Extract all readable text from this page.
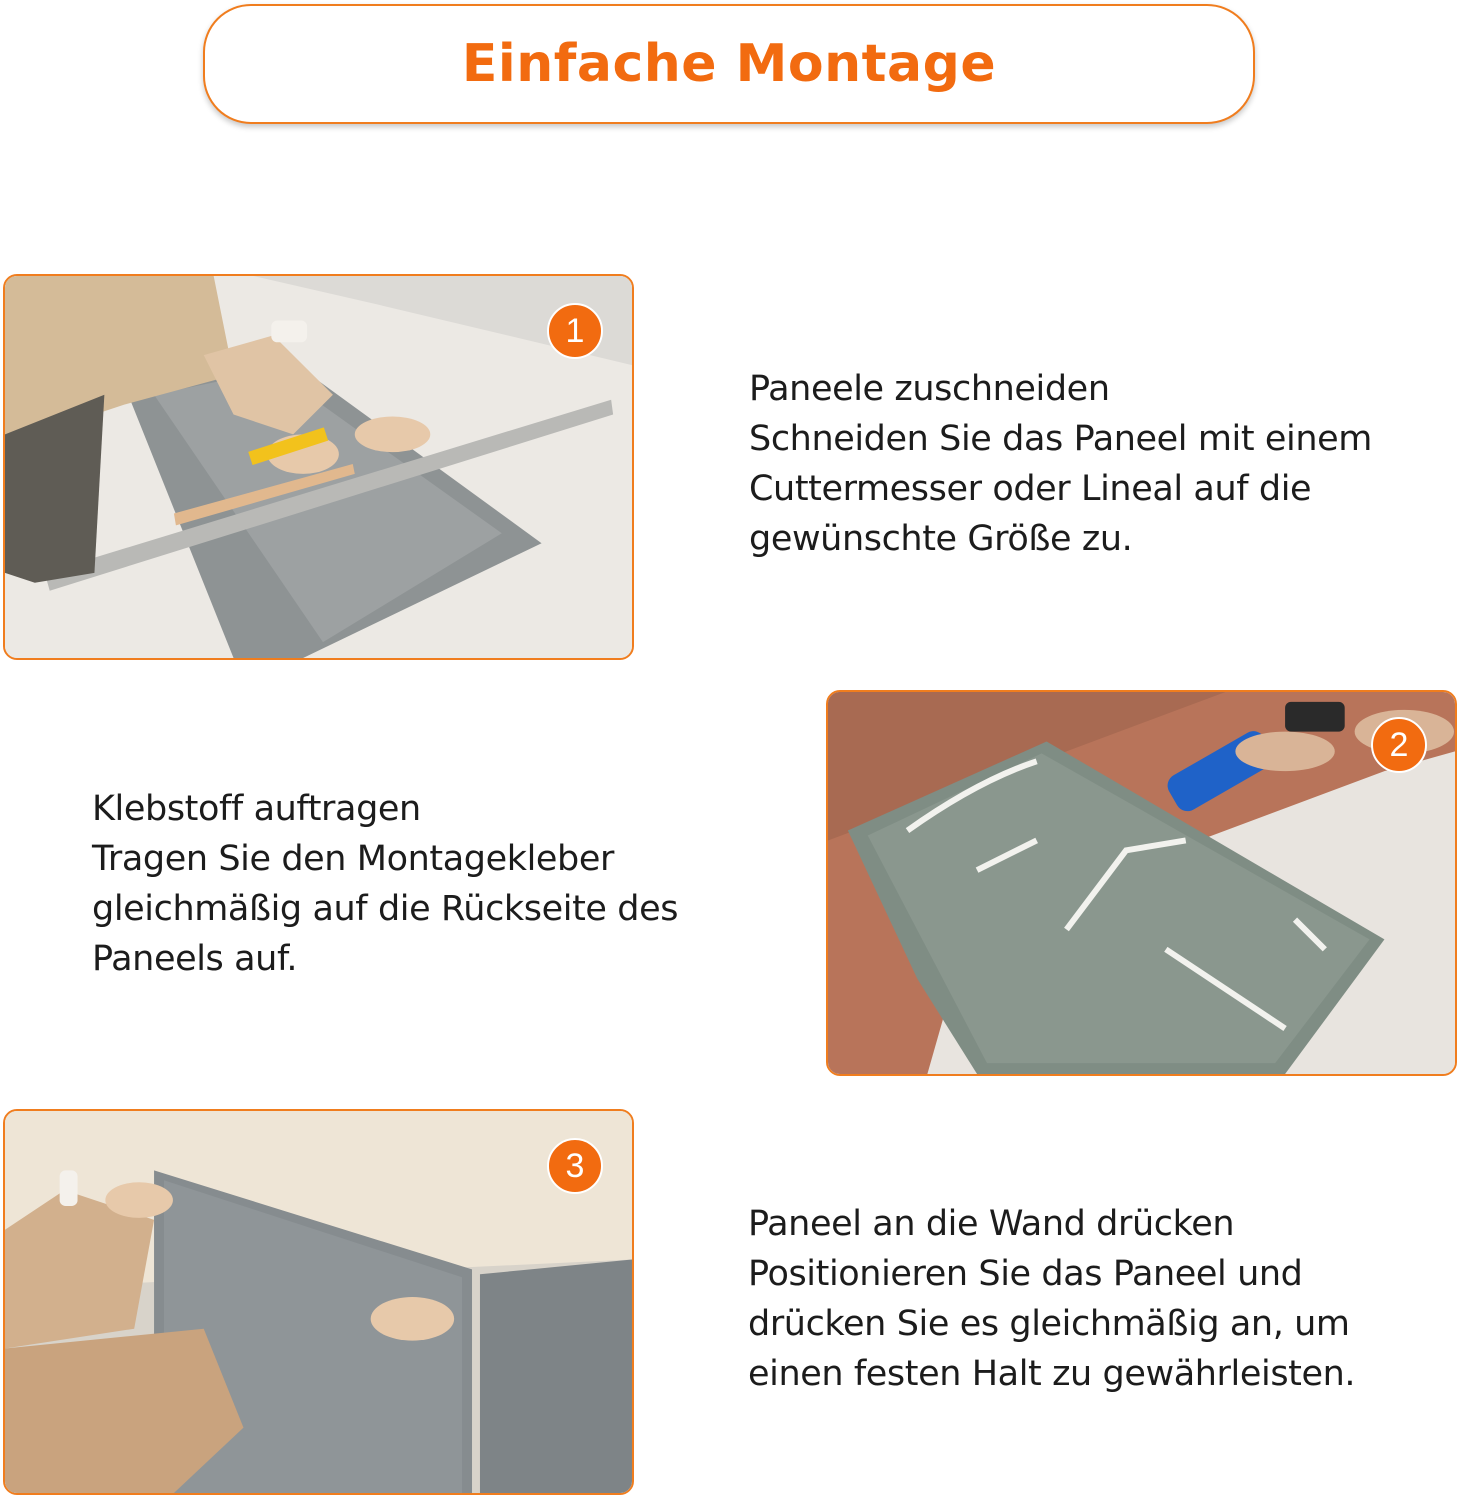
Einfache Montage
1
Paneele zuschneiden
Schneiden Sie das Paneel mit einem
Cuttermesser oder Lineal auf die
gewünschte Größe zu.
Klebstoff auftragen
Tragen Sie den Montagekleber
gleichmäßig auf die Rückseite des
Paneels auf.
2
3
Paneel an die Wand drücken
Positionieren Sie das Paneel und
drücken Sie es gleichmäßig an, um
einen festen Halt zu gewährleisten.
